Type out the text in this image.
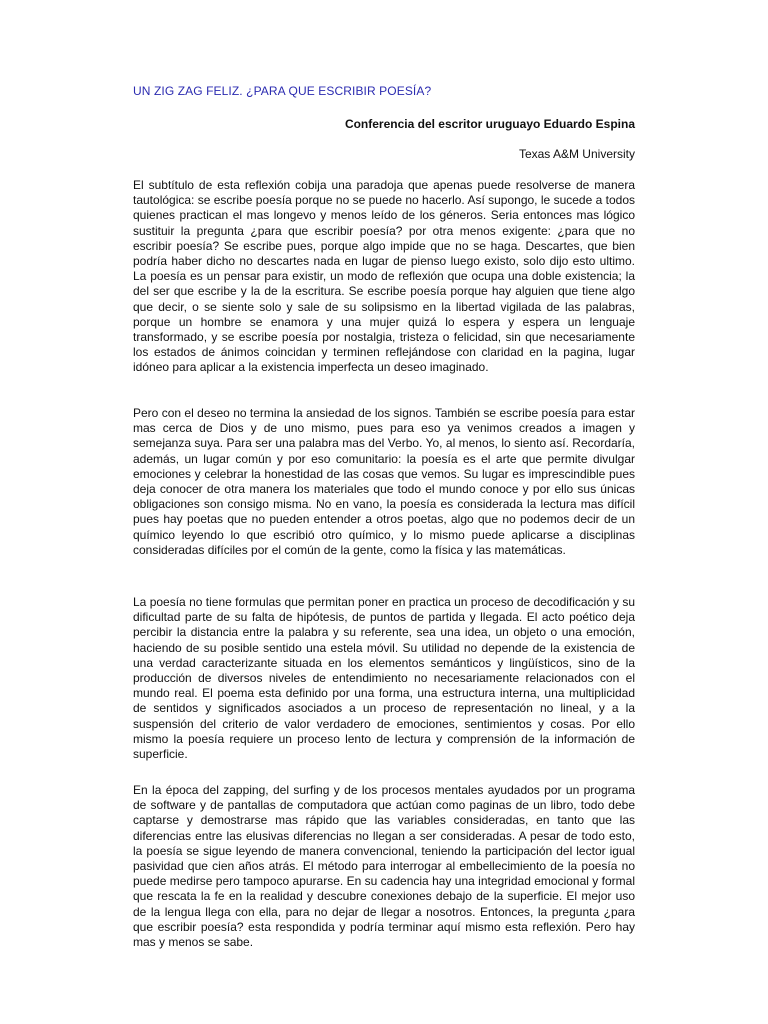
UN ZIG ZAG FELIZ. ¿PARA QUE ESCRIBIR POESÍA?

Conferencia del escritor uruguayo Eduardo Espina

Texas A&M University

El subtítulo de esta reflexión cobija una paradoja que apenas puede resolverse de manera tautológica: se escribe poesía porque no se puede no hacerlo. Así supongo, le sucede a todos quienes practican el mas longevo y menos leído de los géneros. Seria entonces mas lógico sustituir la pregunta ¿para que escribir poesía? por otra menos exigente: ¿para que no escribir poesía? Se escribe pues, porque algo impide que no se haga. Descartes, que bien podría haber dicho no descartes nada en lugar de pienso luego existo, solo dijo esto ultimo. La poesía es un pensar para existir, un modo de reflexión que ocupa una doble existencia; la del ser que escribe y la de la escritura. Se escribe poesía porque hay alguien que tiene algo que decir, o se siente solo y sale de su solipsismo en la libertad vigilada de las palabras, porque un hombre se enamora y una mujer quizá lo espera y espera un lenguaje transformado, y se escribe poesía por nostalgia, tristeza o felicidad, sin que necesariamente los estados de ánimos coincidan y terminen reflejándose con claridad en la pagina, lugar idóneo para aplicar a la existencia imperfecta un deseo imaginado.

Pero con el deseo no termina la ansiedad de los signos. También se escribe poesía para estar mas cerca de Dios y de uno mismo, pues para eso ya venimos creados a imagen y semejanza suya. Para ser una palabra mas del Verbo. Yo, al menos, lo siento así. Recordaría, además, un lugar común y por eso comunitario: la poesía es el arte que permite divulgar emociones y celebrar la honestidad de las cosas que vemos. Su lugar es imprescindible pues deja conocer de otra manera los materiales que todo el mundo conoce y por ello sus únicas obligaciones son consigo misma. No en vano, la poesía es considerada la lectura mas difícil pues hay poetas que no pueden entender a otros poetas, algo que no podemos decir de un químico leyendo lo que escribió otro químico, y lo mismo puede aplicarse a disciplinas consideradas difíciles por el común de la gente, como la física y las matemáticas.

La poesía no tiene formulas que permitan poner en practica un proceso de decodificación y su dificultad parte de su falta de hipótesis, de puntos de partida y llegada. El acto poético deja percibir la distancia entre la palabra y su referente, sea una idea, un objeto o una emoción, haciendo de su posible sentido una estela móvil. Su utilidad no depende de la existencia de una verdad caracterizante situada en los elementos semánticos y lingüísticos, sino de la producción de diversos niveles de entendimiento no necesariamente relacionados con el mundo real. El poema esta definido por una forma, una estructura interna, una multiplicidad de sentidos y significados asociados a un proceso de representación no lineal, y a la suspensión del criterio de valor verdadero de emociones, sentimientos y cosas. Por ello mismo la poesía requiere un proceso lento de lectura y comprensión de la información de superficie.

En la época del zapping, del surfing y de los procesos mentales ayudados por un programa de software y de pantallas de computadora que actúan como paginas de un libro, todo debe captarse y demostrarse mas rápido que las variables consideradas, en tanto que las diferencias entre las elusivas diferencias no llegan a ser consideradas. A pesar de todo esto, la poesía se sigue leyendo de manera convencional, teniendo la participación del lector igual pasividad que cien años atrás. El método para interrogar al embellecimiento de la poesía no puede medirse pero tampoco apurarse. En su cadencia hay una integridad emocional y formal que rescata la fe en la realidad y descubre conexiones debajo de la superficie. El mejor uso de la lengua llega con ella, para no dejar de llegar a nosotros. Entonces, la pregunta ¿para que escribir poesía? esta respondida y podría terminar aquí mismo esta reflexión. Pero hay mas y menos se sabe.
